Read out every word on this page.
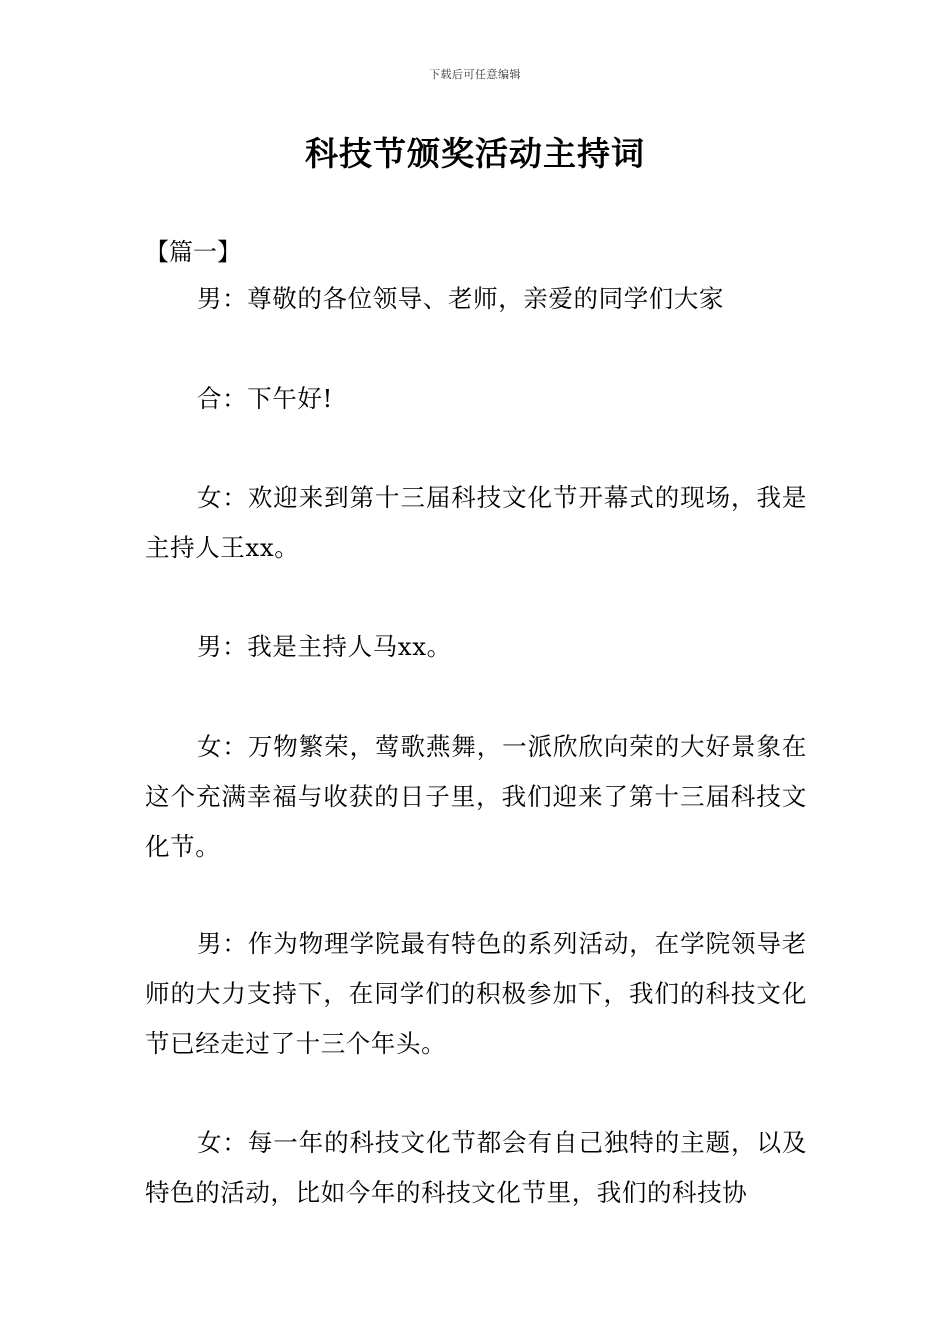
下载后可任意编辑
科技节颁奖活动主持词
【篇一】

男：尊敬的各位领导、老师，亲爱的同学们大家

合：下午好!

女：欢迎来到第十三届科技文化节开幕式的现场，我是主持人王xx。

男：我是主持人马xx。

女：万物繁荣，莺歌燕舞，一派欣欣向荣的大好景象在这个充满幸福与收获的日子里，我们迎来了第十三届科技文化节。

男：作为物理学院最有特色的系列活动，在学院领导老师的大力支持下，在同学们的积极参加下，我们的科技文化节已经走过了十三个年头。

女：每一年的科技文化节都会有自己独特的主题，以及特色的活动，比如今年的科技文化节里，我们的科技协
